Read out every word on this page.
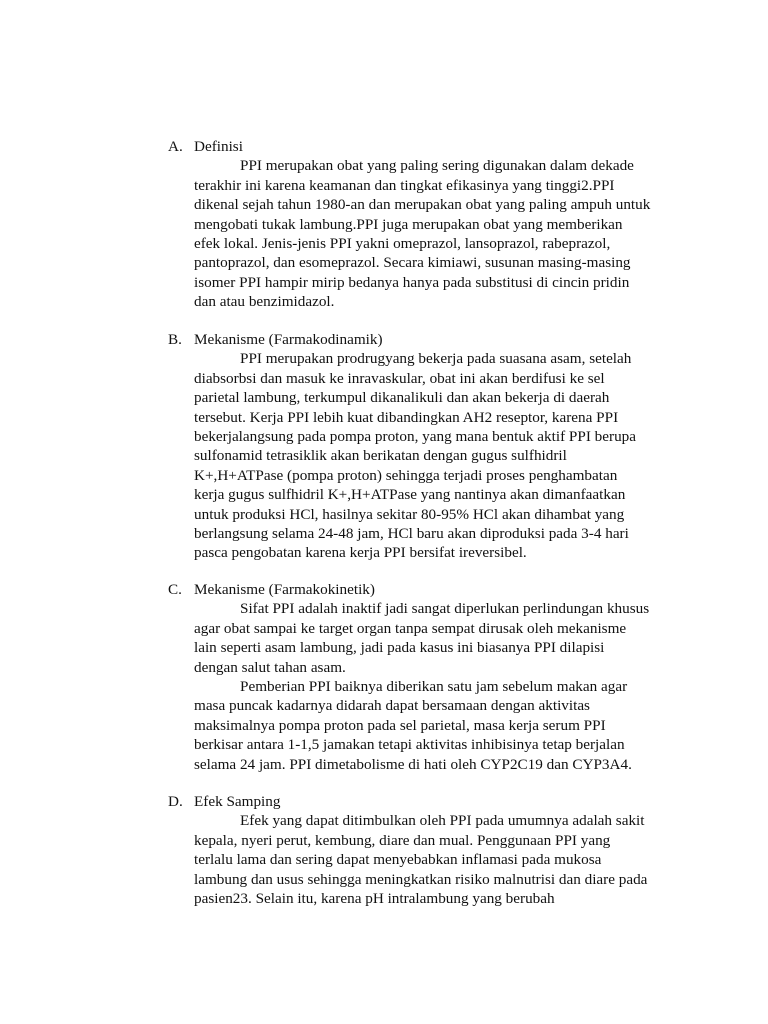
A. Definisi

PPI merupakan obat yang paling sering digunakan dalam dekade
terakhir ini karena keamanan dan tingkat efikasinya yang tinggi2.PPI
dikenal sejah tahun 1980-an dan merupakan obat yang paling ampuh untuk
mengobati tukak lambung.PPI juga merupakan obat yang memberikan
efek lokal. Jenis-jenis PPI yakni omeprazol, lansoprazol, rabeprazol,
pantoprazol, dan esomeprazol. Secara kimiawi, susunan masing-masing
isomer PPI hampir mirip bedanya hanya pada substitusi di cincin pridin
dan atau benzimidazol.

B. Mekanisme (Farmakodinamik)

PPI merupakan prodrugyang bekerja pada suasana asam, setelah
diabsorbsi dan masuk ke inravaskular, obat ini akan berdifusi ke sel
parietal lambung, terkumpul dikanalikuli dan akan bekerja di daerah
tersebut. Kerja PPI lebih kuat dibandingkan AH2 reseptor, karena PPI
bekerjalangsung pada pompa proton, yang mana bentuk aktif PPI berupa
sulfonamid tetrasiklik akan berikatan dengan gugus sulfhidril
K+,H+ATPase (pompa proton) sehingga terjadi proses penghambatan
kerja gugus sulfhidril K+,H+ATPase yang nantinya akan dimanfaatkan
untuk produksi HCl, hasilnya sekitar 80-95% HCl akan dihambat yang
berlangsung selama 24-48 jam, HCl baru akan diproduksi pada 3-4 hari
pasca pengobatan karena kerja PPI bersifat ireversibel.

C. Mekanisme (Farmakokinetik)

Sifat PPI adalah inaktif jadi sangat diperlukan perlindungan khusus
agar obat sampai ke target organ tanpa sempat dirusak oleh mekanisme
lain seperti asam lambung, jadi pada kasus ini biasanya PPI dilapisi
dengan salut tahan asam.

Pemberian PPI baiknya diberikan satu jam sebelum makan agar
masa puncak kadarnya didarah dapat bersamaan dengan aktivitas
maksimalnya pompa proton pada sel parietal, masa kerja serum PPI
berkisar antara 1-1,5 jamakan tetapi aktivitas inhibisinya tetap berjalan
selama 24 jam. PPI dimetabolisme di hati oleh CYP2C19 dan CYP3A4.

D. Efek Samping

Efek yang dapat ditimbulkan oleh PPI pada umumnya adalah sakit
kepala, nyeri perut, kembung, diare dan mual. Penggunaan PPI yang
terlalu lama dan sering dapat menyebabkan inflamasi pada mukosa
lambung dan usus sehingga meningkatkan risiko malnutrisi dan diare pada
pasien23. Selain itu, karena pH intralambung yang berubah
